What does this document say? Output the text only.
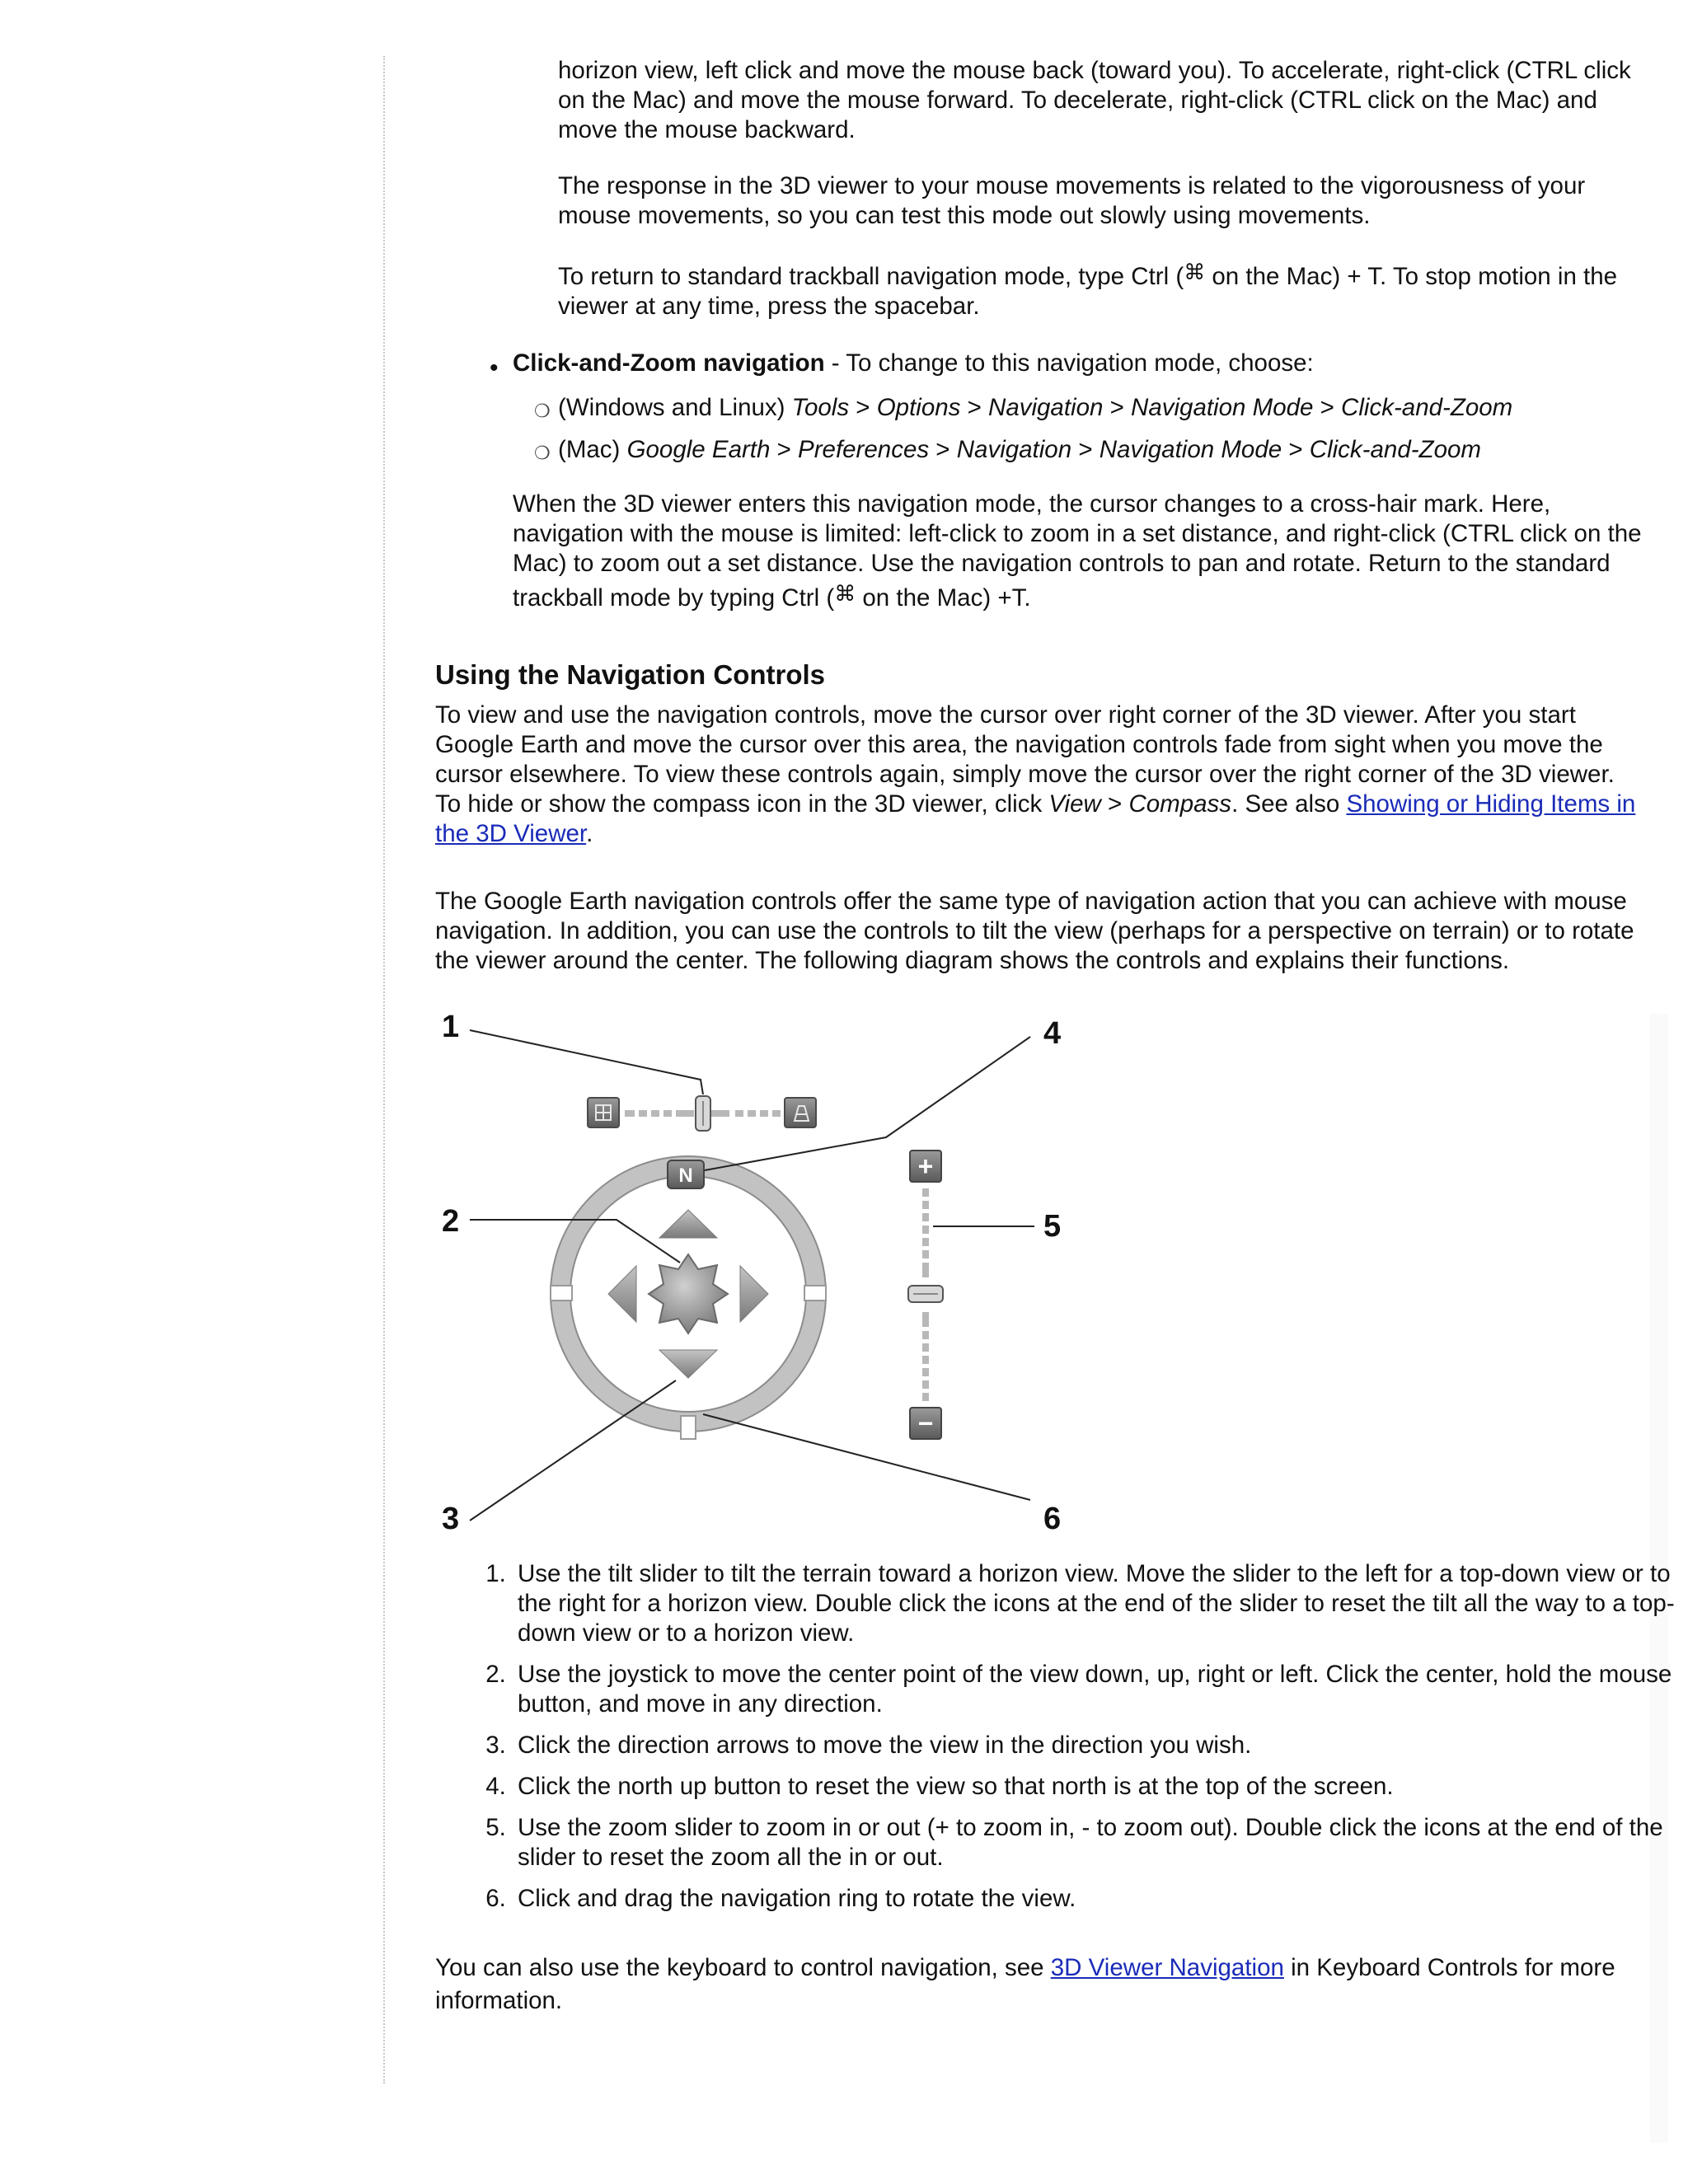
horizon view, left click and move the mouse back (toward you). To accelerate, right-click (CTRL click on the Mac) and move the mouse forward. To decelerate, right-click (CTRL click on the Mac) and move the mouse backward.

The response in the 3D viewer to your mouse movements is related to the vigorousness of your mouse movements, so you can test this mode out slowly using movements.

To return to standard trackball navigation mode, type Ctrl (⌘ on the Mac) + T. To stop motion in the viewer at any time, press the spacebar.

• Click-and-Zoom navigation - To change to this navigation mode, choose:

❍ (Windows and Linux) Tools > Options > Navigation > Navigation Mode > Click-and-Zoom

❍ (Mac) Google Earth > Preferences > Navigation > Navigation Mode > Click-and-Zoom

When the 3D viewer enters this navigation mode, the cursor changes to a cross-hair mark. Here, navigation with the mouse is limited: left-click to zoom in a set distance, and right-click (CTRL click on the Mac) to zoom out a set distance. Use the navigation controls to pan and rotate. Return to the standard trackball mode by typing Ctrl (⌘ on the Mac) +T.

Using the Navigation Controls

To view and use the navigation controls, move the cursor over right corner of the 3D viewer. After you start Google Earth and move the cursor over this area, the navigation controls fade from sight when you move the cursor elsewhere. To view these controls again, simply move the cursor over the right corner of the 3D viewer. To hide or show the compass icon in the 3D viewer, click View > Compass. See also Showing or Hiding Items in the 3D Viewer.

The Google Earth navigation controls offer the same type of navigation action that you can achieve with mouse navigation. In addition, you can use the controls to tilt the view (perhaps for a perspective on terrain) or to rotate the viewer around the center. The following diagram shows the controls and explains their functions.

N	+
−
1
2
3
4
5
6
1. Use the tilt slider to tilt the terrain toward a horizon view. Move the slider to the left for a top-down view or to the right for a horizon view. Double click the icons at the end of the slider to reset the tilt all the way to a top-down view or to a horizon view.
2. Use the joystick to move the center point of the view down, up, right or left. Click the center, hold the mouse button, and move in any direction.
3. Click the direction arrows to move the view in the direction you wish.
4. Click the north up button to reset the view so that north is at the top of the screen.
5. Use the zoom slider to zoom in or out (+ to zoom in, - to zoom out). Double click the icons at the end of the slider to reset the zoom all the in or out.
6. Click and drag the navigation ring to rotate the view.

You can also use the keyboard to control navigation, see 3D Viewer Navigation in Keyboard Controls for more information.
